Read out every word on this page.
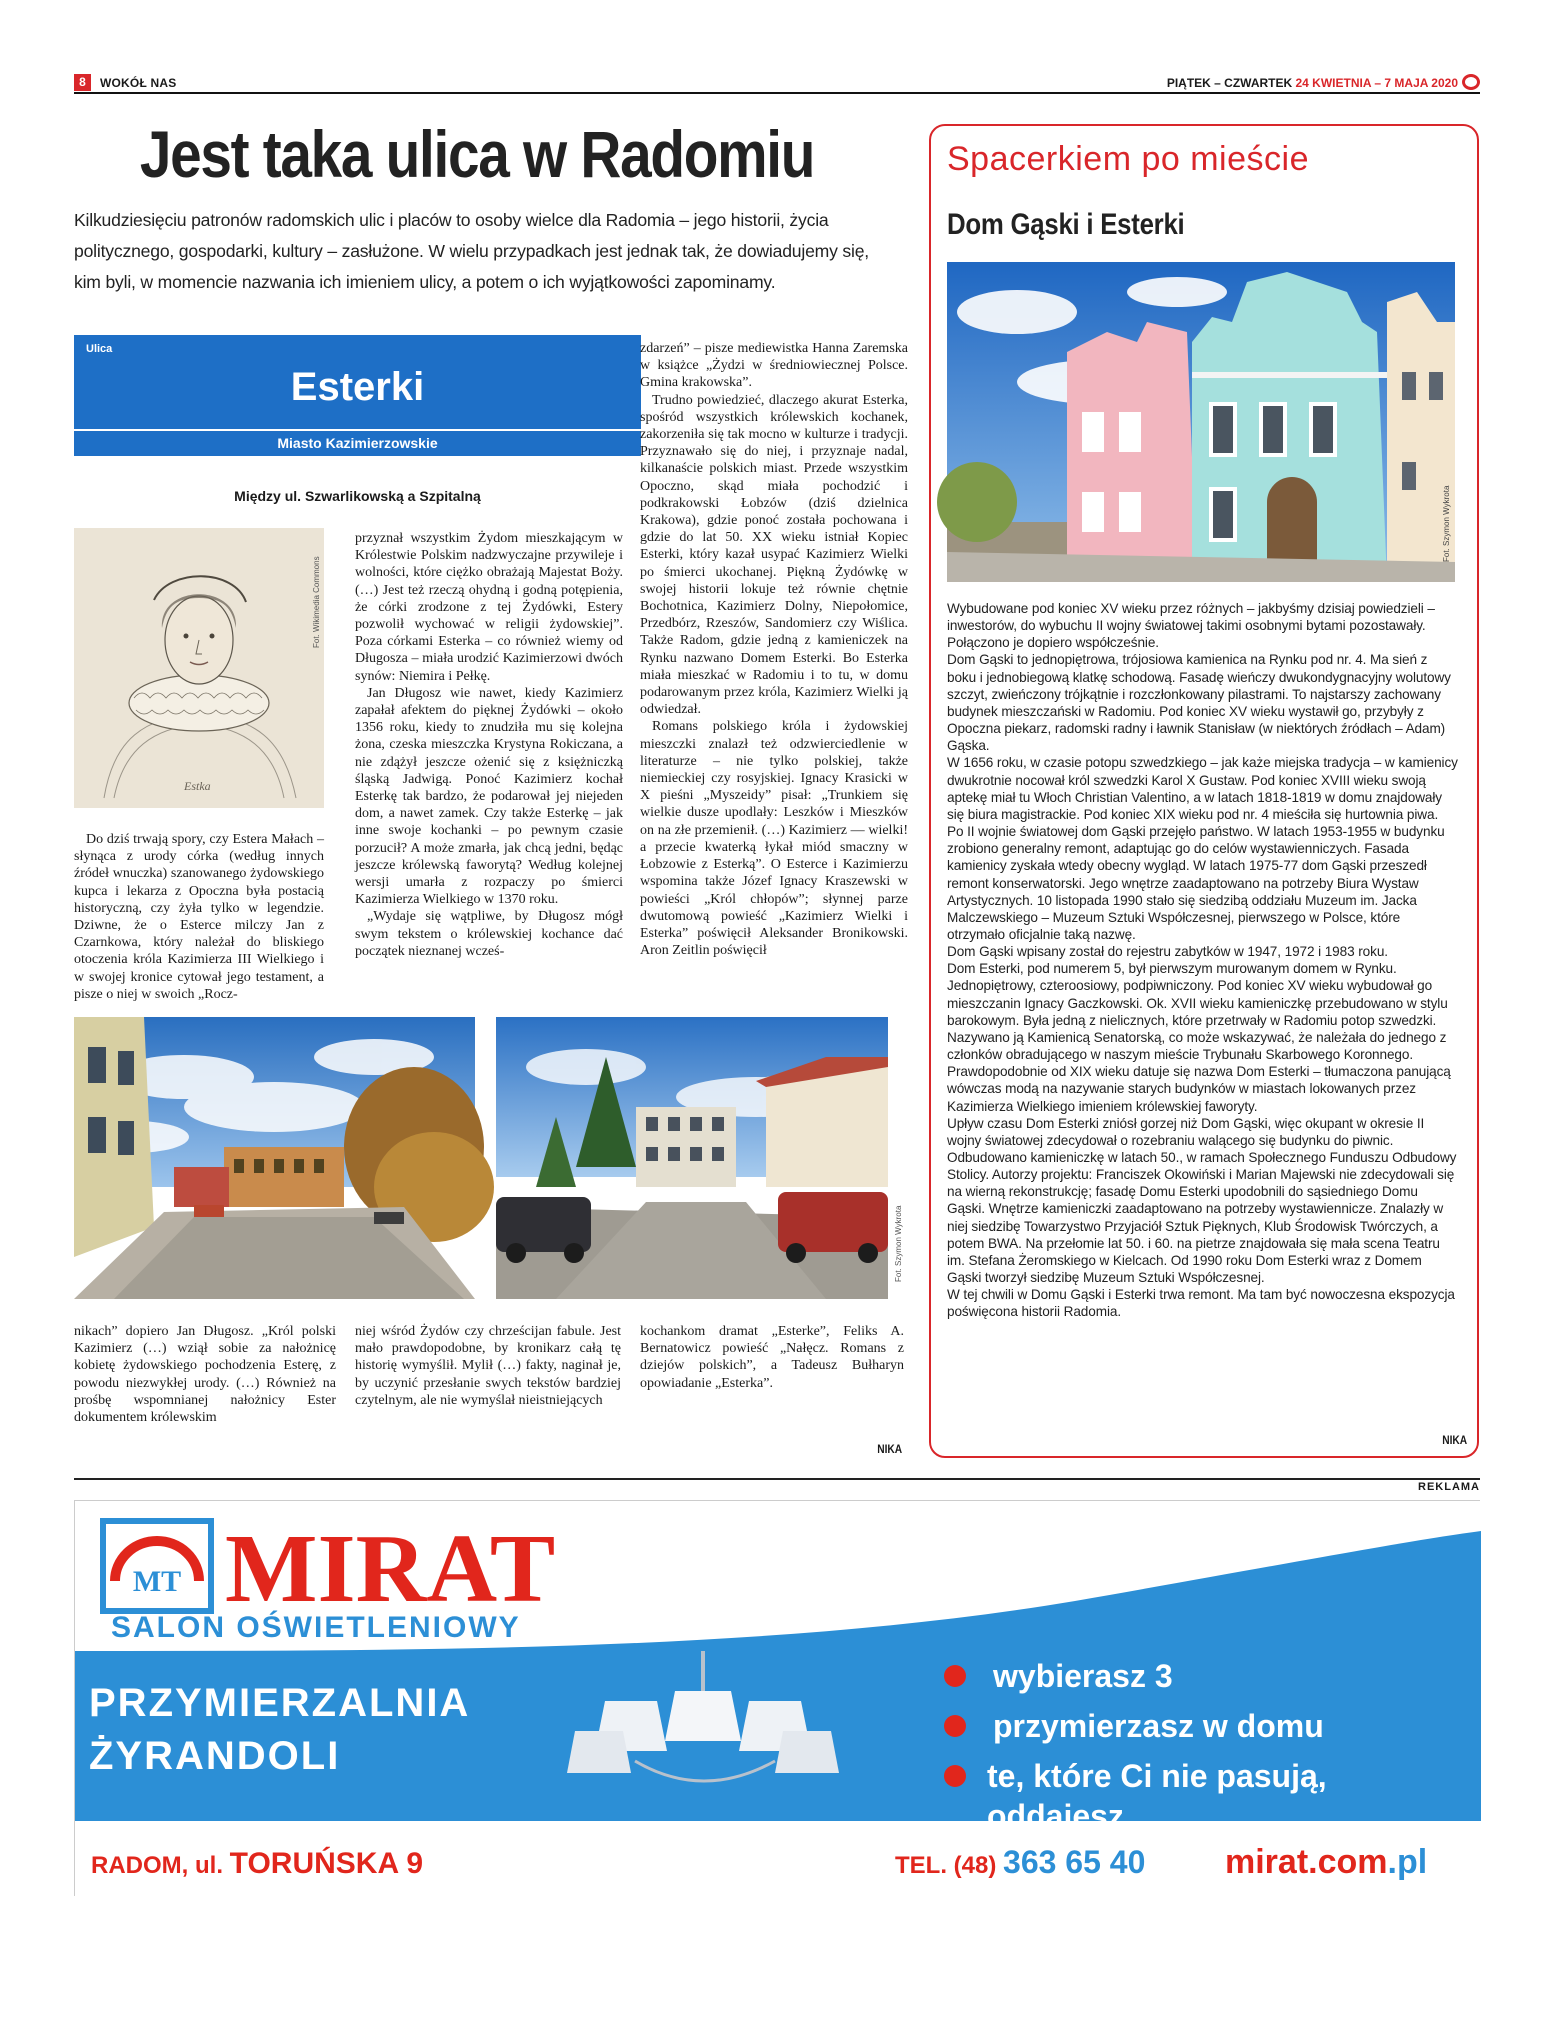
8	WOKÓŁ NAS	PIĄTEK – CZWARTEK 24 KWIETNIA – 7 MAJA 2020
Jest taka ulica w Radomiu

Kilkudziesięciu patronów radomskich ulic i placów to osoby wielce dla Radomia – jego historii, życia politycznego, gospodarki, kultury – zasłużone. W wielu przypadkach jest jednak tak, że dowiadujemy się, kim byli, w momencie nazwania ich imieniem ulicy, a potem o ich wyjątkowości zapominamy.

Ulica
Esterki
Miasto Kazimierzowskie
Między ul. Szwarlikowską a Szpitalną
Estka
Fot. Wikimedia Commons

Do dziś trwają spory, czy Estera Małach – słynąca z urody córka (według innych źródeł wnuczka) szanowanego żydowskiego kupca i lekarza z Opoczna była postacią historyczną, czy żyła tylko w legendzie. Dziwne, że o Esterce milczy Jan z Czarnkowa, który należał do bliskiego otoczenia króla Kazimierza III Wielkiego i w swojej kronice cytował jego testament, a pisze o niej w swoich „Rocz-

przyznał wszystkim Żydom mieszkającym w Królestwie Polskim nadzwyczajne przywileje i wolności, które ciężko obrażają Majestat Boży. (…) Jest też rzeczą ohydną i godną potępienia, że córki zrodzone z tej Żydówki, Estery pozwolił wychować w religii żydowskiej”. Poza córkami Esterka – co również wiemy od Długosza – miała urodzić Kazimierzowi dwóch synów: Niemira i Pełkę.

Jan Długosz wie nawet, kiedy Kazimierz zapałał afektem do pięknej Żydówki – około 1356 roku, kiedy to znudziła mu się kolejna żona, czeska mieszczka Krystyna Rokiczana, a nie zdążył jeszcze ożenić się z księżniczką śląską Jadwigą. Ponoć Kazimierz kochał Esterkę tak bardzo, że podarował jej niejeden dom, a nawet zamek. Czy także Esterkę – jak inne swoje kochanki – po pewnym czasie porzucił? A może zmarła, jak chcą jedni, będąc jeszcze królewską faworytą? Według kolejnej wersji umarła z rozpaczy po śmierci Kazimierza Wielkiego w 1370 roku.

„Wydaje się wątpliwe, by Długosz mógł swym tekstem o królewskiej kochance dać początek nieznanej wcześ-

zdarzeń” – pisze mediewistka Hanna Zaremska w książce „Żydzi w średniowiecznej Polsce. Gmina krakowska”.

Trudno powiedzieć, dlaczego akurat Esterka, spośród wszystkich królewskich kochanek, zakorzeniła się tak mocno w kulturze i tradycji. Przyznawało się do niej, i przyznaje nadal, kilkanaście polskich miast. Przede wszystkim Opoczno, skąd miała pochodzić i podkrakowski Łobzów (dziś dzielnica Krakowa), gdzie ponoć została pochowana i gdzie do lat 50. XX wieku istniał Kopiec Esterki, który kazał usypać Kazimierz Wielki po śmierci ukochanej. Piękną Żydówkę w swojej historii lokuje też równie chętnie Bochotnica, Kazimierz Dolny, Niepołomice, Przedbórz, Rzeszów, Sandomierz czy Wiślica. Także Radom, gdzie jedną z kamieniczek na Rynku nazwano Domem Esterki. Bo Esterka miała mieszkać w Radomiu i to tu, w domu podarowanym przez króla, Kazimierz Wielki ją odwiedzał.

Romans polskiego króla i żydowskiej mieszczki znalazł też odzwierciedlenie w literaturze – nie tylko polskiej, także niemieckiej czy rosyjskiej. Ignacy Krasicki w X pieśni „Myszeidy” pisał: „Trunkiem się wielkie dusze upodlały: Leszków i Mieszków on na złe przemienił. (…) Kazimierz — wielki! a przecie kwaterką łykał miód smaczny w Łobzowie z Esterką”. O Esterce i Kazimierzu wspomina także Józef Ignacy Kraszewski w powieści „Król chłopów”; słynnej parze dwutomową powieść „Kazimierz Wielki i Esterka” poświęcił Aleksander Bronikowski. Aron Zeitlin poświęcił

Fot. Szymon Wykrota

nikach” dopiero Jan Długosz. „Król polski Kazimierz (…) wziął sobie za nałożnicę kobietę żydowskiego pochodzenia Esterę, z powodu niezwykłej urody. (…) Również na prośbę wspomnianej nałożnicy Ester dokumentem królewskim

niej wśród Żydów czy chrześcijan fabule. Jest mało prawdopodobne, by kronikarz całą tę historię wymyślił. Mylił (…) fakty, naginał je, by uczynić przesłanie swych tekstów bardziej czytelnym, ale nie wymyślał nieistniejących

kochankom dramat „Esterke”, Feliks A. Bernatowicz powieść „Nałęcz. Romans z dziejów polskich”, a Tadeusz Bułharyn opowiadanie „Esterka”.

NIKA
Spacerkiem po mieście
Dom Gąski i Esterki
Fot. Szymon Wykrota

Wybudowane pod koniec XV wieku przez różnych – jakbyśmy dzisiaj powiedzieli – inwestorów, do wybuchu II wojny światowej takimi osobnymi bytami pozostawały. Połączono je dopiero współcześnie.

Dom Gąski to jednopiętrowa, trójosiowa kamienica na Rynku pod nr. 4. Ma sień z boku i jednobiegową klatkę schodową. Fasadę wieńczy dwukondygnacyjny wolutowy szczyt, zwieńczony trójkątnie i rozczłonkowany pilastrami. To najstarszy zachowany budynek mieszczański w Radomiu. Pod koniec XV wieku wystawił go, przybyły z Opoczna piekarz, radomski radny i ławnik Stanisław (w niektórych źródłach – Adam) Gąska.

W 1656 roku, w czasie potopu szwedzkiego – jak każe miejska tradycja – w kamienicy dwukrotnie nocował król szwedzki Karol X Gustaw. Pod koniec XVIII wieku swoją aptekę miał tu Włoch Christian Valentino, a w latach 1818-1819 w domu znajdowały się biura magistrackie. Pod koniec XIX wieku pod nr. 4 mieściła się hurtownia piwa.

Po II wojnie światowej dom Gąski przejęło państwo. W latach 1953-1955 w budynku zrobiono generalny remont, adaptując go do celów wystawienniczych. Fasada kamienicy zyskała wtedy obecny wygląd. W latach 1975-77 dom Gąski przeszedł remont konserwatorski. Jego wnętrze zaadaptowano na potrzeby Biura Wystaw Artystycznych. 10 listopada 1990 stało się siedzibą oddziału Muzeum im. Jacka Malczewskiego – Muzeum Sztuki Współczesnej, pierwszego w Polsce, które otrzymało oficjalnie taką nazwę.

Dom Gąski wpisany został do rejestru zabytków w 1947, 1972 i 1983 roku.

Dom Esterki, pod numerem 5, był pierwszym murowanym domem w Rynku. Jednopiętrowy, czteroosiowy, podpiwniczony. Pod koniec XV wieku wybudował go mieszczanin Ignacy Gaczkowski. Ok. XVII wieku kamieniczkę przebudowano w stylu barokowym. Była jedną z nielicznych, które przetrwały w Radomiu potop szwedzki. Nazywano ją Kamienicą Senatorską, co może wskazywać, że należała do jednego z członków obradującego w naszym mieście Trybunału Skarbowego Koronnego. Prawdopodobnie od XIX wieku datuje się nazwa Dom Esterki – tłumaczona panującą wówczas modą na nazywanie starych budynków w miastach lokowanych przez Kazimierza Wielkiego imieniem królewskiej faworyty.

Upływ czasu Dom Esterki zniósł gorzej niż Dom Gąski, więc okupant w okresie II wojny światowej zdecydował o rozebraniu walącego się budynku do piwnic. Odbudowano kamieniczkę w latach 50., w ramach Społecznego Funduszu Odbudowy Stolicy. Autorzy projektu: Franciszek Okowiński i Marian Majewski nie zdecydowali się na wierną rekonstrukcję; fasadę Domu Esterki upodobnili do sąsiedniego Domu Gąski. Wnętrze kamieniczki zaadaptowano na potrzeby wystawiennicze. Znalazły w niej siedzibę Towarzystwo Przyjaciół Sztuk Pięknych, Klub Środowisk Twórczych, a potem BWA. Na przełomie lat 50. i 60. na pietrze znajdowała się mała scena Teatru im. Stefana Żeromskiego w Kielcach. Od 1990 roku Dom Esterki wraz z Domem Gąski tworzył siedzibę Muzeum Sztuki Współczesnej.

W tej chwili w Domu Gąski i Esterki trwa remont. Ma tam być nowoczesna ekspozycja poświęcona historii Radomia.

NIKA
REKLAMA
MT MIRAT
SALON OŚWIETLENIOWY
PRZYMIERZALNIA
ŻYRANDOLI
wybierasz 3
przymierzasz w domu
te, które Ci nie pasują, oddajesz
RADOM, ul. TORUŃSKA 9	TEL. (48) 363 65 40 mirat.com.pl
